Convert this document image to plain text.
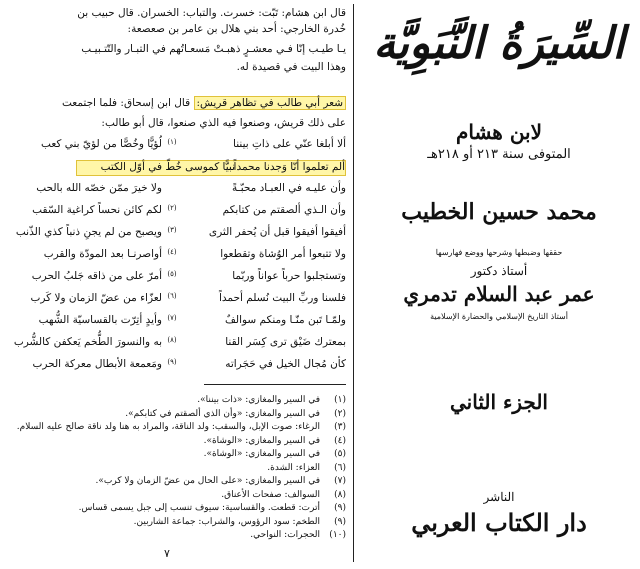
قال ابن هشام: تَبّت: خسرت. والتباب: الخسران. قال حبيب بن
خُدرة الخارجي: أحد بني هلال بن عامر بن صعصعة:
يـا طيـب إنّا فـي معشـرٍ ذهبـتْ مَسعـاتُهم في التبـار والتّتـبيـب
وهذا البيت في قصيدة له.
شعر أبي طالب في تظاهر قريش: قال ابن إسحاق: فلما اجتمعت
على ذلك قريش، وصنعوا فيه الذي صنعوا، قال أبو طالب:
ألا أبلغا عنّي على ذاتِ بيننا
(١)
لُؤيًّا وخُصًّا من لؤيّ بني كعب
ألم تعلموا أنّا وَجدنا محمداً
نبيًّا كموسى خُطّ في أوّل الكتب
وأن عليـه في العبـاد محبّـةً
ولا خيرَ ممّن خصّه الله بالحب
وأن الـذي ألصقتم من كتابكم
(٢)
لكم كائن نحساً كراغية السّقب
أفيقوا أفيقوا قبل أن يُحفر الثرى
(٣)
ويصبح من لم يجنِ ذنباً كذي الذّنب
ولا تتبعوا أمر الوُشاة وتقطعوا
(٤)
أواصرنـا بعد المودّة والقرب
وتستجلبوا حرباً عواناً وربّما
(٥)
أمرّ على من ذاقه جَلبُ الحرب
فلسنا وربِّ البيت نُسلم أحمداً
(٦)
لعزّاء من عضّ الزمان ولا كَرب
ولمّـا تَبن منّـا ومنكم سوالفٌ
(٧)
وأيدٍ أتِرّت بالقساسيّة الشُّهب
بمعترك ضَيْق ترى كِسَر القنا
(٨)
به والنسورَ الطُّخم يَعكفن كالشُّرب
كأن مُجال الخيل في حَجَراته
(٩)
ومَعمعة الأبطال معركة الحرب
(١)في السير والمغازي: «ذات بيننا».
(٢)في السير والمغازي: «وأن الذي ألصقتم في كتابكم».
(٣)الرغاء: صوت الإبل، والسقب: ولد الناقة، والمراد به هنا ولد ناقة صالح عليه السلام.
(٤)في السير والمغازي: «الوشاة».
(٥)في السير والمغازي: «الوشاة».
(٦)العزاء: الشدة.
(٧)في السير والمغازي: «على الحال من عضّ الزمان ولا كرب».
(٨)السوالف: صفحات الأعناق.
(٩)أترت: قطعت. والقساسية: سيوف تنسب إلى جبل يسمى قساس.
(٩)الطخم: سود الرؤوس، والشراب: جماعة الشاربين.
(١٠)الحجرات: النواحي.
٧
السِّيرَةُ النَّبَوِيَّة
لابن هشام
المتوفى سنة ٢١٣ أو ٢١٨هـ
محمد حسين الخطيب
حققها وضبطها وشرحها ووضع فهارسها
أستاذ دكتور
عمر عبد السلام تدمري
أستاذ التاريخ الإسلامي والحضارة الإسلامية
الجزء الثاني
الناشر
دار الكتاب العربي
